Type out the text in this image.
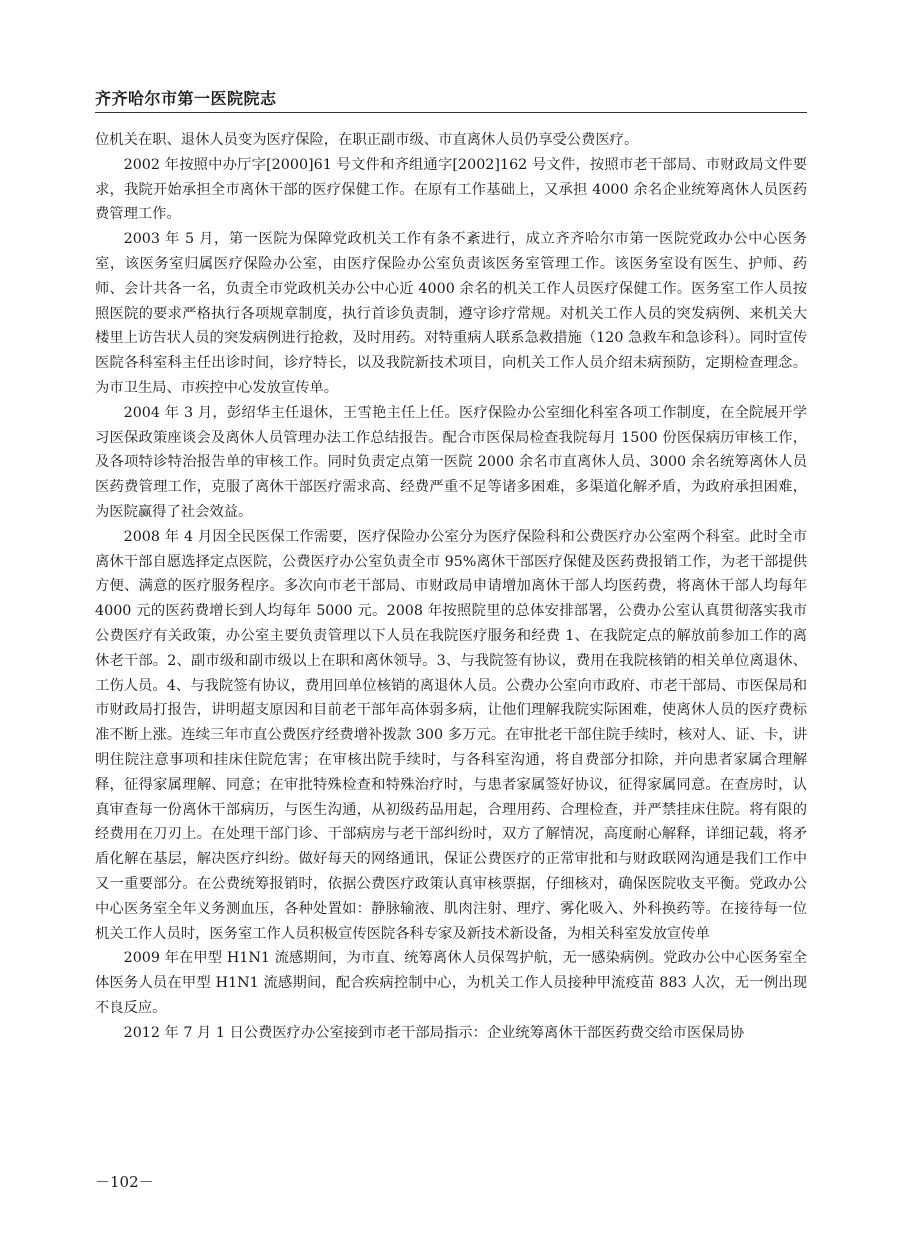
齐齐哈尔市第一医院院志

位机关在职、退休人员变为医疗保险，在职正副市级、市直离休人员仍享受公费医疗。

2002 年按照中办厅字[2000]61 号文件和齐组通字[2002]162 号文件，按照市老干部局、市财政局文件要求，我院开始承担全市离休干部的医疗保健工作。在原有工作基础上，又承担 4000 余名企业统筹离休人员医药费管理工作。

2003 年 5 月，第一医院为保障党政机关工作有条不紊进行，成立齐齐哈尔市第一医院党政办公中心医务室，该医务室归属医疗保险办公室，由医疗保险办公室负责该医务室管理工作。该医务室设有医生、护师、药师、会计共各一名，负责全市党政机关办公中心近 4000 余名的机关工作人员医疗保健工作。医务室工作人员按照医院的要求严格执行各项规章制度，执行首诊负责制，遵守诊疗常规。对机关工作人员的突发病例、来机关大楼里上访告状人员的突发病例进行抢救，及时用药。对特重病人联系急救措施（120 急救车和急诊科）。同时宣传医院各科室科主任出诊时间，诊疗特长，以及我院新技术项目，向机关工作人员介绍未病预防，定期检查理念。为市卫生局、市疾控中心发放宣传单。

2004 年 3 月，彭绍华主任退休，王雪艳主任上任。医疗保险办公室细化科室各项工作制度，在全院展开学习医保政策座谈会及离休人员管理办法工作总结报告。配合市医保局检查我院每月 1500 份医保病历审核工作，及各项特诊特治报告单的审核工作。同时负责定点第一医院 2000 余名市直离休人员、3000 余名统筹离休人员医药费管理工作，克服了离休干部医疗需求高、经费严重不足等诸多困难，多渠道化解矛盾，为政府承担困难，为医院赢得了社会效益。

2008 年 4 月因全民医保工作需要，医疗保险办公室分为医疗保险科和公费医疗办公室两个科室。此时全市离休干部自愿选择定点医院，公费医疗办公室负责全市 95%离休干部医疗保健及医药费报销工作，为老干部提供方便、满意的医疗服务程序。多次向市老干部局、市财政局申请增加离休干部人均医药费，将离休干部人均每年 4000 元的医药费增长到人均每年 5000 元。2008 年按照院里的总体安排部署，公费办公室认真贯彻落实我市公费医疗有关政策，办公室主要负责管理以下人员在我院医疗服务和经费 1、在我院定点的解放前参加工作的离休老干部。2、副市级和副市级以上在职和离休领导。3、与我院签有协议，费用在我院核销的相关单位离退休、工伤人员。4、与我院签有协议，费用回单位核销的离退休人员。公费办公室向市政府、市老干部局、市医保局和市财政局打报告，讲明超支原因和目前老干部年高体弱多病，让他们理解我院实际困难，使离休人员的医疗费标准不断上涨。连续三年市直公费医疗经费增补拨款 300 多万元。在审批老干部住院手续时，核对人、证、卡，讲明住院注意事项和挂床住院危害；在审核出院手续时，与各科室沟通，将自费部分扣除，并向患者家属合理解释，征得家属理解、同意；在审批特殊检查和特殊治疗时，与患者家属签好协议，征得家属同意。在查房时，认真审查每一份离休干部病历，与医生沟通，从初级药品用起，合理用药、合理检查，并严禁挂床住院。将有限的经费用在刀刃上。在处理干部门诊、干部病房与老干部纠纷时，双方了解情况，高度耐心解释，详细记载，将矛盾化解在基层，解决医疗纠纷。做好每天的网络通讯，保证公费医疗的正常审批和与财政联网沟通是我们工作中又一重要部分。在公费统筹报销时，依据公费医疗政策认真审核票据，仔细核对，确保医院收支平衡。党政办公中心医务室全年义务测血压，各种处置如：静脉输液、肌肉注射、理疗、雾化吸入、外科换药等。在接待每一位机关工作人员时，医务室工作人员积极宣传医院各科专家及新技术新设备，为相关科室发放宣传单

2009 年在甲型 H1N1 流感期间，为市直、统筹离休人员保驾护航，无一感染病例。党政办公中心医务室全体医务人员在甲型 H1N1 流感期间，配合疾病控制中心，为机关工作人员接种甲流疫苗 883 人次，无一例出现不良反应。

2012 年 7 月 1 日公费医疗办公室接到市老干部局指示：企业统筹离休干部医药费交给市医保局协

－102－
